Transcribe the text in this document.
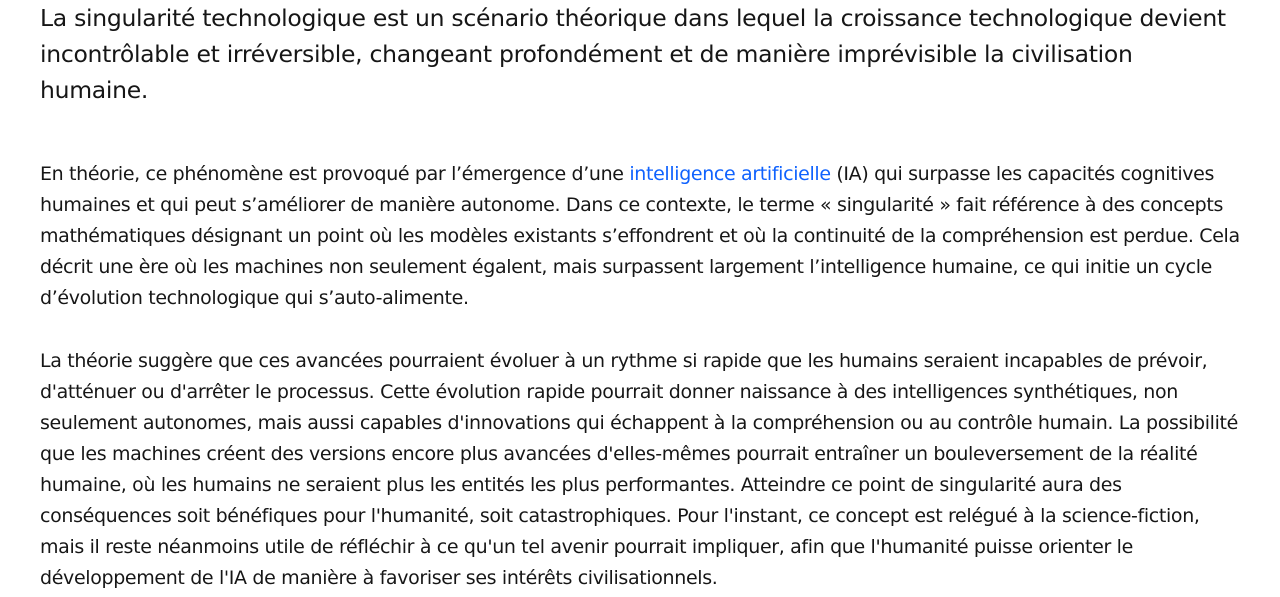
La singularité technologique est un scénario théorique dans lequel la croissance technologique devient incontrôlable et irréversible, changeant profondément et de manière imprévisible la civilisation humaine.

En théorie, ce phénomène est provoqué par l’émergence d’une intelligence artificielle (IA) qui surpasse les capacités cognitives humaines et qui peut s’améliorer de manière autonome. Dans ce contexte, le terme « singularité » fait référence à des concepts mathématiques désignant un point où les modèles existants s’effondrent et où la continuité de la compréhension est perdue. Cela décrit une ère où les machines non seulement égalent, mais surpassent largement l’intelligence humaine, ce qui initie un cycle d’évolution technologique qui s’auto-alimente.

La théorie suggère que ces avancées pourraient évoluer à un rythme si rapide que les humains seraient incapables de prévoir, d'atténuer ou d'arrêter le processus. Cette évolution rapide pourrait donner naissance à des intelligences synthétiques, non seulement autonomes, mais aussi capables d'innovations qui échappent à la compréhension ou au contrôle humain. La possibilité que les machines créent des versions encore plus avancées d'elles-mêmes pourrait entraîner un bouleversement de la réalité humaine, où les humains ne seraient plus les entités les plus performantes. Atteindre ce point de singularité aura des conséquences soit bénéfiques pour l'humanité, soit catastrophiques. Pour l'instant, ce concept est relégué à la science-fiction, mais il reste néanmoins utile de réfléchir à ce qu'un tel avenir pourrait impliquer, afin que l'humanité puisse orienter le développement de l'IA de manière à favoriser ses intérêts civilisationnels.
